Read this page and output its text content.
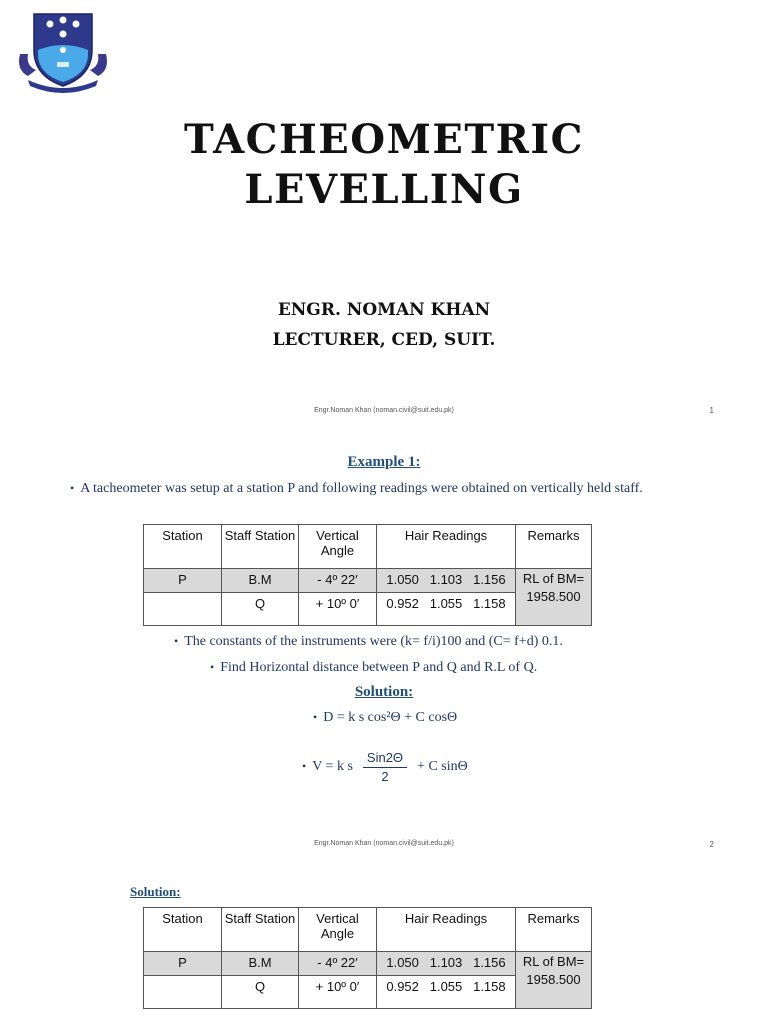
TACHEOMETRIC
LEVELLING
ENGR. NOMAN KHAN
LECTURER, CED, SUIT.
Engr.Noman Khan (noman.civil@suit.edu.pk)	1
Example 1:
• A tacheometer was setup at a station P and following readings were obtained on vertically held staff.
Station	Staff Station	Vertical Angle	Hair Readings	Remarks
P	B.M	- 4º 22′	1.050   1.103   1.156	RL of BM= 1958.500
	Q	+ 10º 0′	0.952   1.055   1.158	
• The constants of the instruments were (k= f/i)100 and (C= f+d) 0.1.
• Find Horizontal distance between P and Q and R.L of Q.
Solution:
• D = k s cos²Θ + C cosΘ
• V = k s $\frac{\text{Sin2Θ}}{2} + C$ sinΘ
Engr.Noman Khan (noman.civil@suit.edu.pk)	2
Solution:
Station	Staff Station	Vertical Angle	Hair Readings	Remarks
P	B.M	- 4º 22′	1.050   1.103   1.156	RL of BM= 1958.500
	Q	+ 10º 0′	0.952   1.055   1.158	
